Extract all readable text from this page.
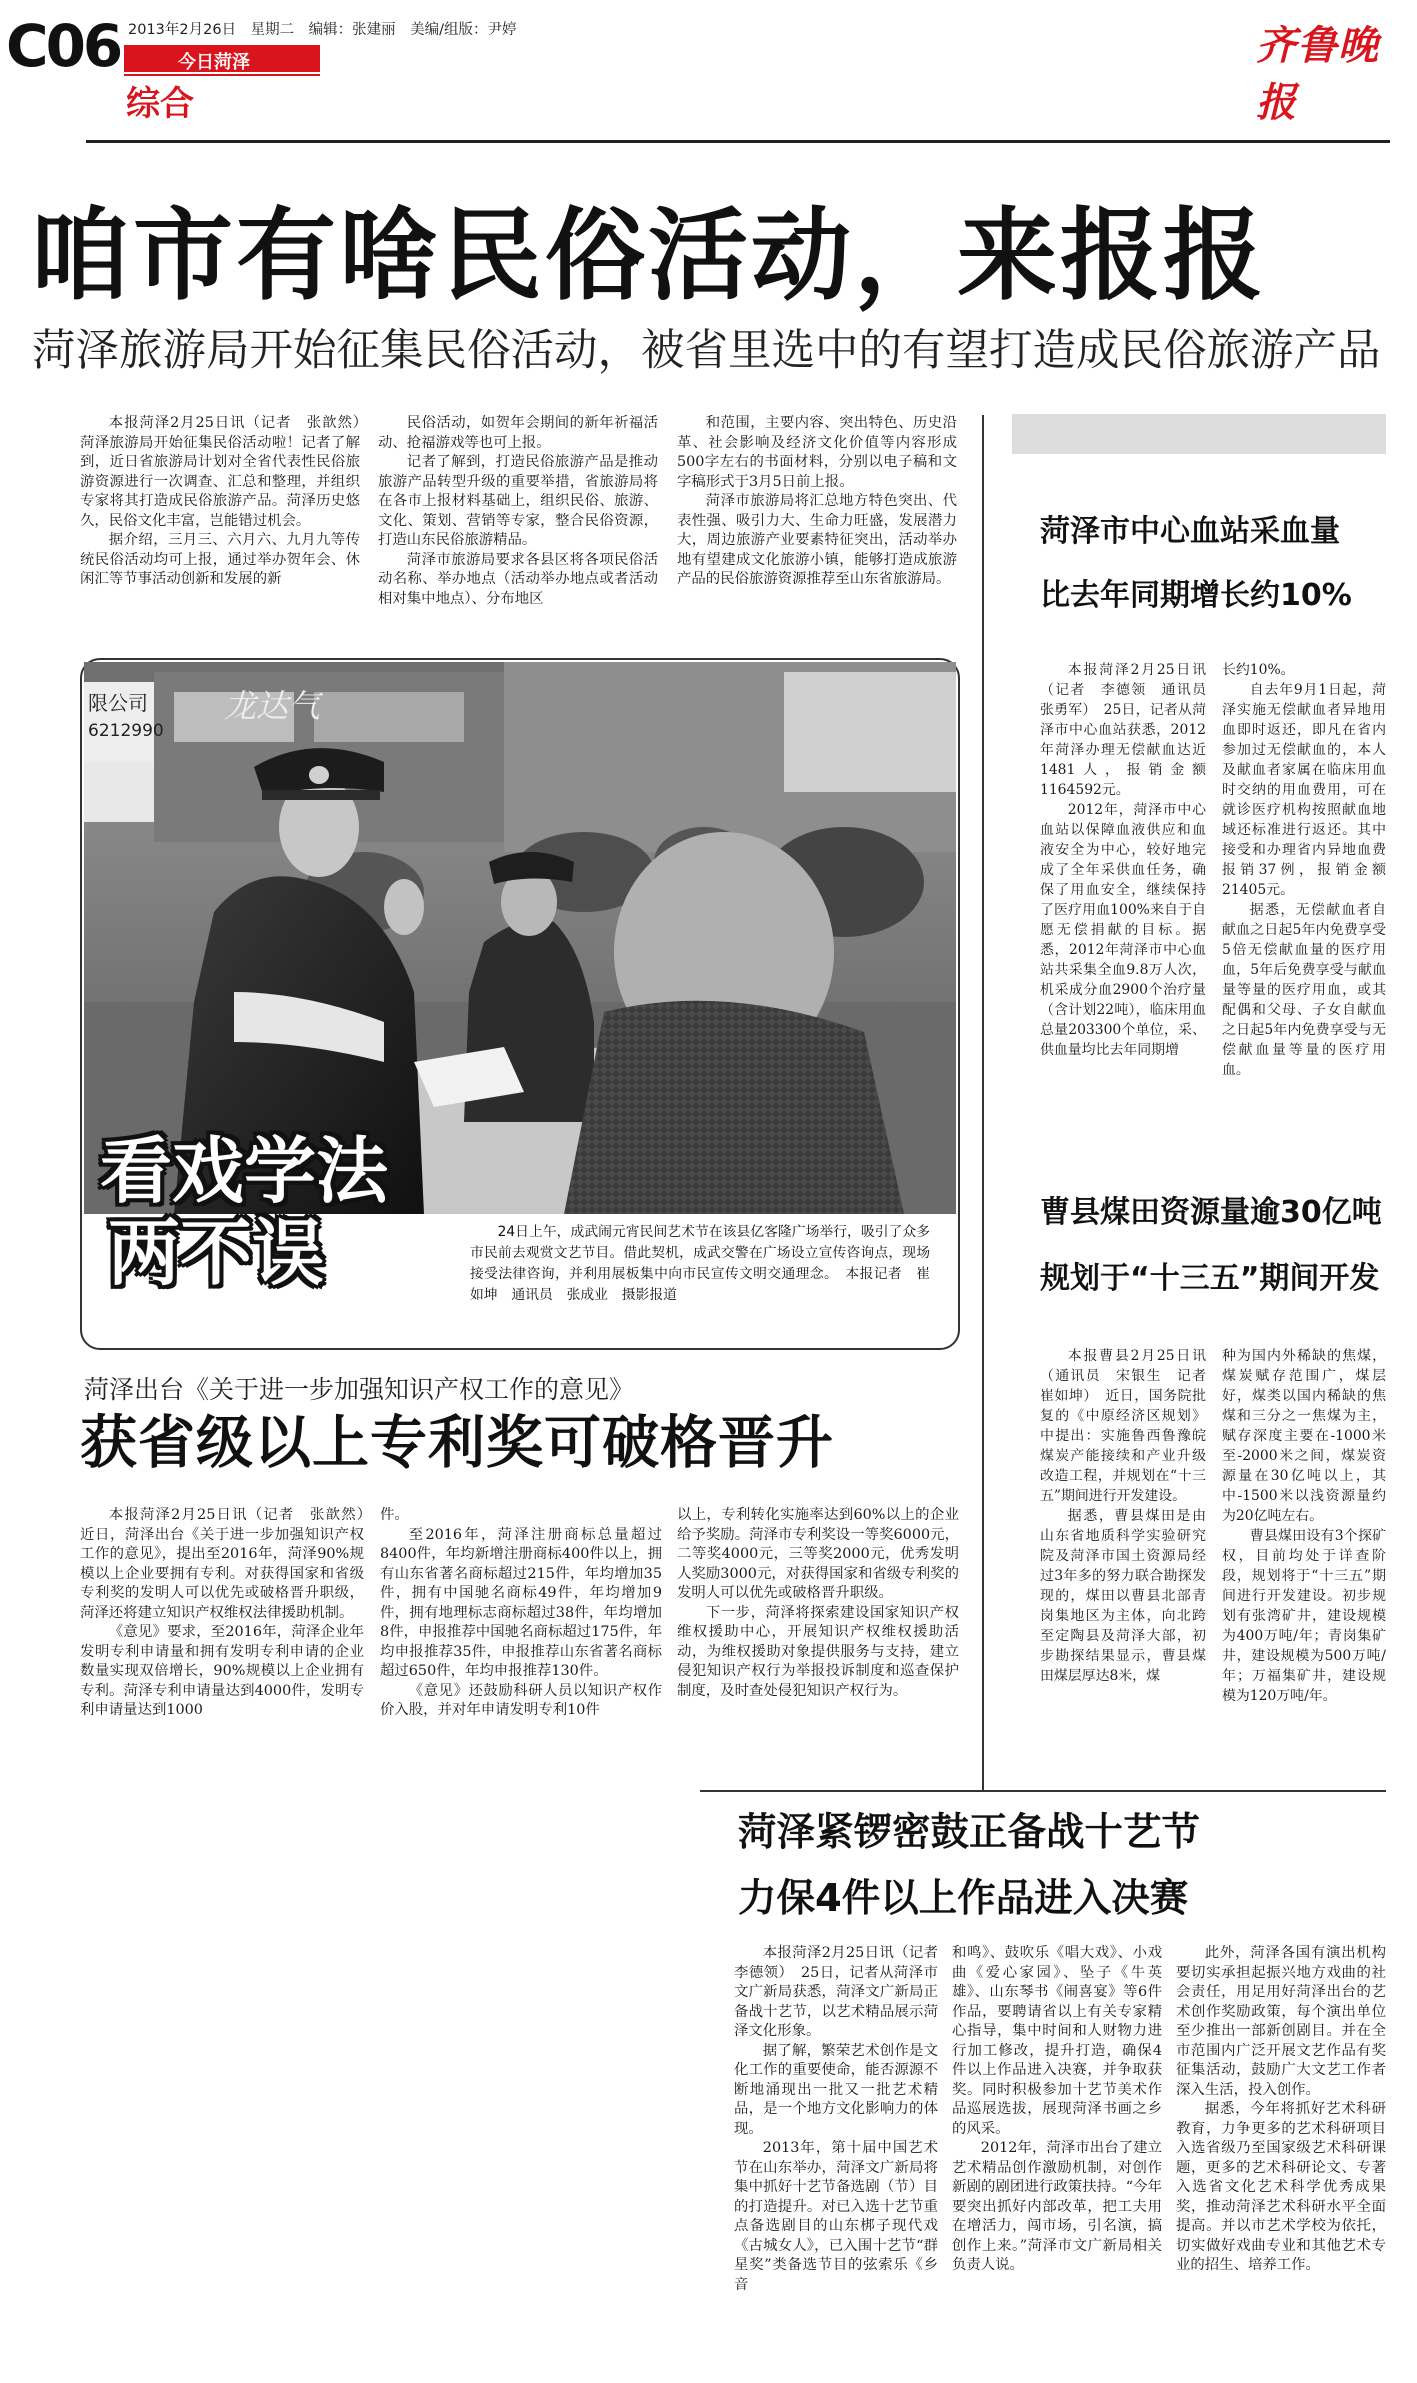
C06 2013年2月26日　星期二　编辑：张建丽　美编/组版：尹婷
今日菏泽
综合
齐鲁晚报
咱市有啥民俗活动，来报报
菏泽旅游局开始征集民俗活动，被省里选中的有望打造成民俗旅游产品

本报菏泽2月25日讯（记者　张歆然）　菏泽旅游局开始征集民俗活动啦！记者了解到，近日省旅游局计划对全省代表性民俗旅游资源进行一次调查、汇总和整理，并组织专家将其打造成民俗旅游产品。菏泽历史悠久，民俗文化丰富，岂能错过机会。

据介绍，三月三、六月六、九月九等传统民俗活动均可上报，通过举办贺年会、休闲汇等节事活动创新和发展的新

民俗活动，如贺年会期间的新年祈福活动、抢福游戏等也可上报。

记者了解到，打造民俗旅游产品是推动旅游产品转型升级的重要举措，省旅游局将在各市上报材料基础上，组织民俗、旅游、文化、策划、营销等专家，整合民俗资源，打造山东民俗旅游精品。

菏泽市旅游局要求各县区将各项民俗活动名称、举办地点（活动举办地点或者活动相对集中地点）、分布地区

和范围，主要内容、突出特色、历史沿革、社会影响及经济文化价值等内容形成500字左右的书面材料，分别以电子稿和文字稿形式于3月5日前上报。

菏泽市旅游局将汇总地方特色突出、代表性强、吸引力大、生命力旺盛，发展潜力大，周边旅游产业要素特征突出，活动举办地有望建成文化旅游小镇，能够打造成旅游产品的民俗旅游资源推荐至山东省旅游局。

限公司
6212990
龙达气
看戏学法
两不误	24日上午，成武闹元宵民间艺术节在该县亿客隆广场举行，吸引了众多市民前去观赏文艺节目。借此契机，成武交警在广场设立宣传咨询点，现场接受法律咨询，并利用展板集中向市民宣传文明交通理念。　本报记者　崔如坤　通讯员　张成业　摄影报道
菏泽出台《关于进一步加强知识产权工作的意见》
获省级以上专利奖可破格晋升

本报菏泽2月25日讯（记者　张歆然）　近日，菏泽出台《关于进一步加强知识产权工作的意见》，提出至2016年，菏泽90%规模以上企业要拥有专利。对获得国家和省级专利奖的发明人可以优先或破格晋升职级，菏泽还将建立知识产权维权法律援助机制。

《意见》要求，至2016年，菏泽企业年发明专利申请量和拥有发明专利申请的企业数量实现双倍增长，90%规模以上企业拥有专利。菏泽专利申请量达到4000件，发明专利申请量达到1000

件。

至2016年，菏泽注册商标总量超过8400件，年均新增注册商标400件以上，拥有山东省著名商标超过215件，年均增加35件，拥有中国驰名商标49件，年均增加9件，拥有地理标志商标超过38件，年均增加8件，申报推荐中国驰名商标超过175件，年均申报推荐35件，申报推荐山东省著名商标超过650件，年均申报推荐130件。

《意见》还鼓励科研人员以知识产权作价入股，并对年申请发明专利10件

以上，专利转化实施率达到60%以上的企业给予奖励。菏泽市专利奖设一等奖6000元，二等奖4000元，三等奖2000元，优秀发明人奖励3000元，对获得国家和省级专利奖的发明人可以优先或破格晋升职级。

下一步，菏泽将探索建设国家知识产权维权援助中心，开展知识产权维权援助活动，为维权援助对象提供服务与支持，建立侵犯知识产权行为举报投诉制度和巡查保护制度，及时查处侵犯知识产权行为。

菏泽市中心血站采血量
比去年同期增长约10%

本报菏泽2月25日讯（记者　李德领　通讯员　张勇军）　25日，记者从菏泽市中心血站获悉，2012年菏泽办理无偿献血达近1481人，报销金额1164592元。

2012年，菏泽市中心血站以保障血液供应和血液安全为中心，较好地完成了全年采供血任务，确保了用血安全，继续保持了医疗用血100%来自于自愿无偿捐献的目标。据悉，2012年菏泽市中心血站共采集全血9.8万人次，机采成分血2900个治疗量（含计划22吨），临床用血总量203300个单位，采、供血量均比去年同期增

长约10%。

自去年9月1日起，菏泽实施无偿献血者异地用血即时返还，即凡在省内参加过无偿献血的，本人及献血者家属在临床用血时交纳的用血费用，可在就诊医疗机构按照献血地域还标准进行返还。其中接受和办理省内异地血费报销37例，报销金额21405元。

据悉，无偿献血者自献血之日起5年内免费享受5倍无偿献血量的医疗用血，5年后免费享受与献血量等量的医疗用血，或其配偶和父母、子女自献血之日起5年内免费享受与无偿献血量等量的医疗用血。

曹县煤田资源量逾30亿吨
规划于“十三五”期间开发

本报曹县2月25日讯（通讯员　宋银生　记者　崔如坤）　近日，国务院批复的《中原经济区规划》中提出：实施鲁西鲁豫皖煤炭产能接续和产业升级改造工程，并规划在“十三五”期间进行开发建设。

据悉，曹县煤田是由山东省地质科学实验研究院及菏泽市国土资源局经过3年多的努力联合勘探发现的，煤田以曹县北部青岗集地区为主体，向北跨至定陶县及菏泽大部，初步勘探结果显示，曹县煤田煤层厚达8米，煤

种为国内外稀缺的焦煤，煤炭赋存范围广，煤层好，煤类以国内稀缺的焦煤和三分之一焦煤为主，赋存深度主要在-1000米至-2000米之间，煤炭资源量在30亿吨以上，其中-1500米以浅资源量约为20亿吨左右。

曹县煤田设有3个探矿权，目前均处于详查阶段，规划将于“十三五”期间进行开发建设。初步规划有张湾矿井，建设规模为400万吨/年；青岗集矿井，建设规模为500万吨/年；万福集矿井，建设规模为120万吨/年。

菏泽紧锣密鼓正备战十艺节
力保4件以上作品进入决赛

本报菏泽2月25日讯（记者　李德领）　25日，记者从菏泽市文广新局获悉，菏泽文广新局正备战十艺节，以艺术精品展示菏泽文化形象。

据了解，繁荣艺术创作是文化工作的重要使命，能否源源不断地涌现出一批又一批艺术精品，是一个地方文化影响力的体现。

2013年，第十届中国艺术节在山东举办，菏泽文广新局将集中抓好十艺节备选剧（节）目的打造提升。对已入选十艺节重点备选剧目的山东梆子现代戏《古城女人》，已入围十艺节“群星奖”类备选节目的弦索乐《乡音

和鸣》、鼓吹乐《唱大戏》、小戏曲《爱心家园》、坠子《牛英雄》、山东琴书《闹喜宴》等6件作品，要聘请省以上有关专家精心指导，集中时间和人财物力进行加工修改，提升打造，确保4件以上作品进入决赛，并争取获奖。同时积极参加十艺节美术作品巡展选拔，展现菏泽书画之乡的风采。

2012年，菏泽市出台了建立艺术精品创作激励机制，对创作新剧的剧团进行政策扶持。“今年要突出抓好内部改革，把工夫用在增活力，闯市场，引名演，搞创作上来。”菏泽市文广新局相关负责人说。

此外，菏泽各国有演出机构要切实承担起振兴地方戏曲的社会责任，用足用好菏泽出台的艺术创作奖励政策，每个演出单位至少推出一部新创剧目。并在全市范围内广泛开展文艺作品有奖征集活动，鼓励广大文艺工作者深入生活，投入创作。

据悉，今年将抓好艺术科研教育，力争更多的艺术科研项目入选省级乃至国家级艺术科研课题，更多的艺术科研论文、专著入选省文化艺术科学优秀成果奖，推动菏泽艺术科研水平全面提高。并以市艺术学校为依托，切实做好戏曲专业和其他艺术专业的招生、培养工作。
